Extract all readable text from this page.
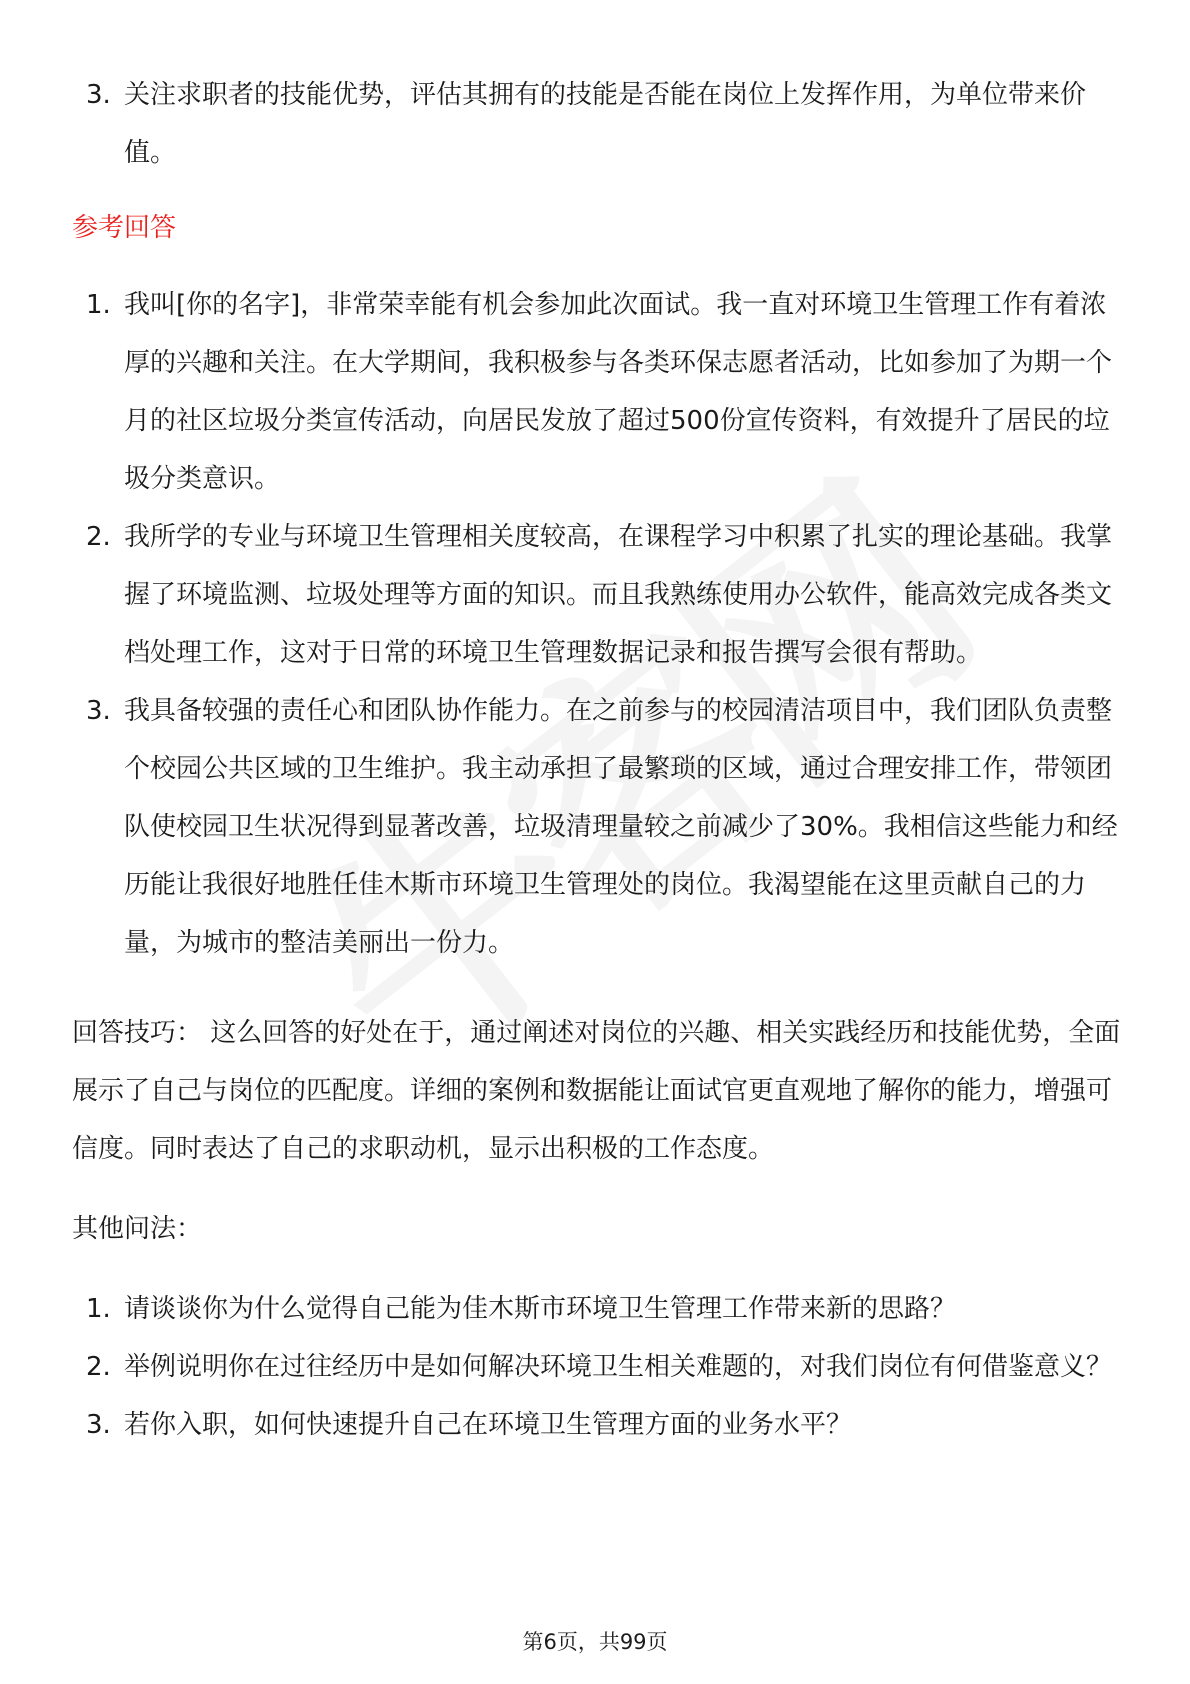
3. 关注求职者的技能优势，评估其拥有的技能是否能在岗位上发挥作用，为单位带来价值。

参考回答

1. 我叫[你的名字]，非常荣幸能有机会参加此次面试。我一直对环境卫生管理工作有着浓厚的兴趣和关注。在大学期间，我积极参与各类环保志愿者活动，比如参加了为期一个月的社区垃圾分类宣传活动，向居民发放了超过500份宣传资料，有效提升了居民的垃圾分类意识。
2. 我所学的专业与环境卫生管理相关度较高，在课程学习中积累了扎实的理论基础。我掌握了环境监测、垃圾处理等方面的知识。而且我熟练使用办公软件，能高效完成各类文档处理工作，这对于日常的环境卫生管理数据记录和报告撰写会很有帮助。
3. 我具备较强的责任心和团队协作能力。在之前参与的校园清洁项目中，我们团队负责整个校园公共区域的卫生维护。我主动承担了最繁琐的区域，通过合理安排工作，带领团队使校园卫生状况得到显著改善，垃圾清理量较之前减少了30%。我相信这些能力和经历能让我很好地胜任佳木斯市环境卫生管理处的岗位。我渴望能在这里贡献自己的力量，为城市的整洁美丽出一份力。

回答技巧： 这么回答的好处在于，通过阐述对岗位的兴趣、相关实践经历和技能优势，全面展示了自己与岗位的匹配度。详细的案例和数据能让面试官更直观地了解你的能力，增强可信度。同时表达了自己的求职动机，显示出积极的工作态度。

其他问法：

1. 请谈谈你为什么觉得自己能为佳木斯市环境卫生管理工作带来新的思路？
2. 举例说明你在过往经历中是如何解决环境卫生相关难题的，对我们岗位有何借鉴意义？
3. 若你入职，如何快速提升自己在环境卫生管理方面的业务水平？
第6页，共99页
